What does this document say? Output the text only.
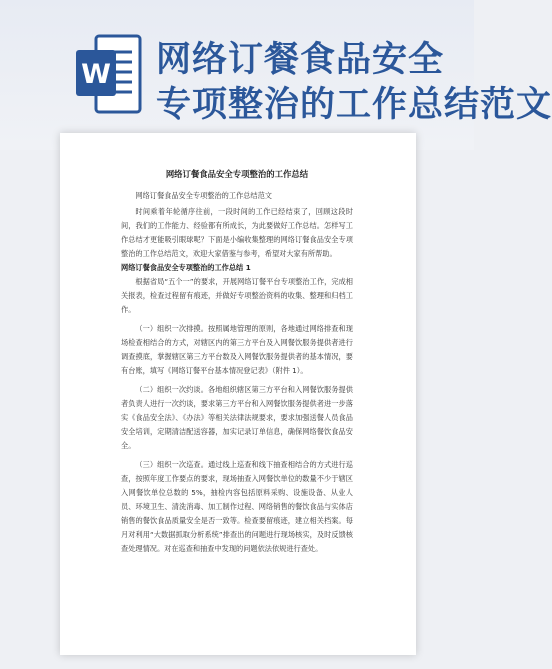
W 网络订餐食品安全
专项整治的工作总结范文
网络订餐食品安全专项整治的工作总结

网络订餐食品安全专项整治的工作总结范文

时间乘着年轮循序往前，一段时间的工作已经结束了，回顾这段时间，我们的工作能力、经验都有所成长，为此要做好工作总结。怎样写工作总结才更能吸引眼球呢？下面是小编收集整理的网络订餐食品安全专项整治的工作总结范文，欢迎大家借鉴与参考，希望对大家有所帮助。

网络订餐食品安全专项整治的工作总结 1

根据省局“五个一”的要求，开展网络订餐平台专项整治工作，完成相关报表，检查过程留有痕迹，并做好专项整治资料的收集、整理和归档工作。

（一）组织一次排摸。按照属地管理的原则，各地通过网络排查和现场检查相结合的方式，对辖区内的第三方平台及入网餐饮服务提供者进行调查摸底，掌握辖区第三方平台数及入网餐饮服务提供者的基本情况，要有台账，填写《网络订餐平台基本情况登记表》（附件 1）。

（二）组织一次约谈。各地组织辖区第三方平台和入网餐饮服务提供者负责人进行一次约谈，要求第三方平台和入网餐饮服务提供者进一步落实《食品安全法》、《办法》等相关法律法规要求，要求加强送餐人员食品安全培训，定期清洁配送容器，加实记录订单信息，确保网络餐饮食品安全。

（三）组织一次巡查。通过线上巡查和线下抽查相结合的方式进行巡查，按照年度工作要点的要求，现场抽查入网餐饮单位的数量不少于辖区入网餐饮单位总数的 5%，抽检内容包括原料采购、设施设备、从业人员、环境卫生、清洗消毒、加工制作过程、网络销售的餐饮食品与实体店销售的餐饮食品质量安全是否一致等。检查要留痕迹，建立相关档案。每月对利用“大数据抓取分析系统”排查出的问题进行现场核实，及时反馈核查处理情况。对在巡查和抽查中发现的问题依法依规进行查处。
